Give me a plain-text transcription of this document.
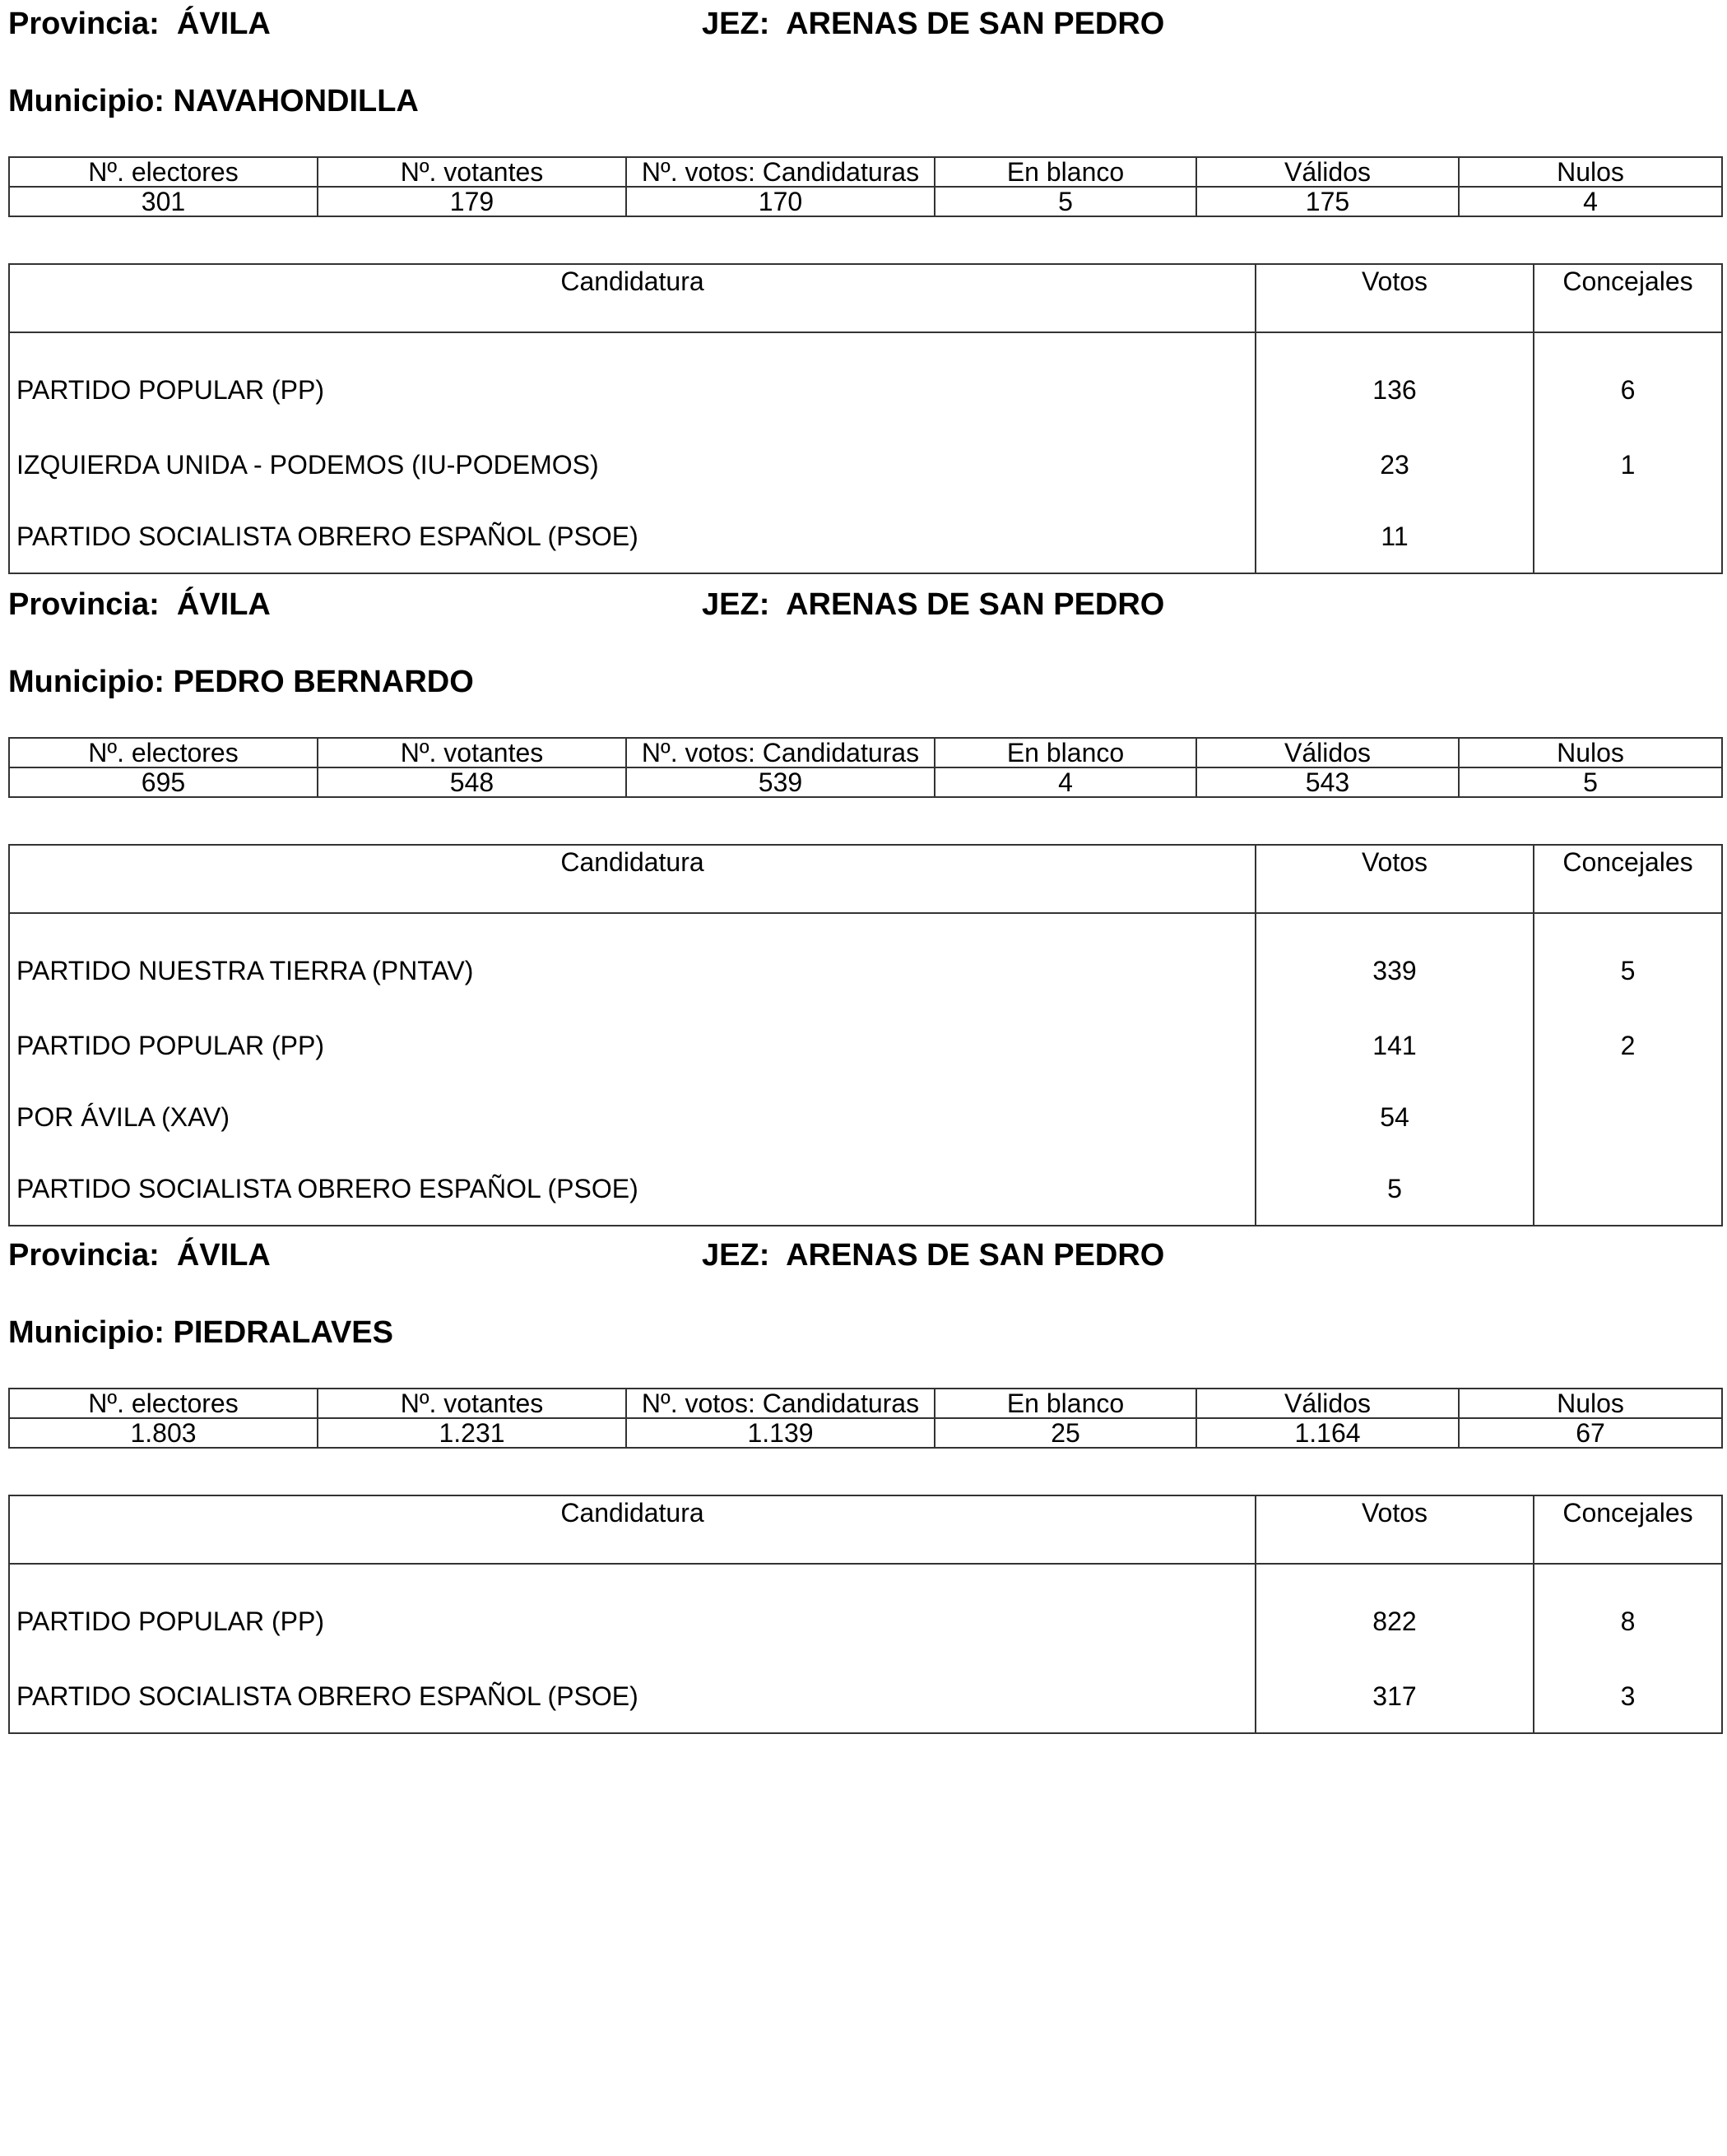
Provincia: ÁVILA	JEZ: ARENAS DE SAN PEDRO
Municipio: NAVAHONDILLA
Nº. electores	Nº. votantes	Nº. votos: Candidaturas	En blanco	Válidos	Nulos
301	179	170	5	175	4
Candidatura	Votos	Concejales
PARTIDO POPULAR (PP)	136	6
IZQUIERDA UNIDA - PODEMOS (IU-PODEMOS)	23	1
PARTIDO SOCIALISTA OBRERO ESPAÑOL (PSOE)	11	
Provincia: ÁVILA	JEZ: ARENAS DE SAN PEDRO
Municipio: PEDRO BERNARDO
Nº. electores	Nº. votantes	Nº. votos: Candidaturas	En blanco	Válidos	Nulos
695	548	539	4	543	5
Candidatura	Votos	Concejales
PARTIDO NUESTRA TIERRA (PNTAV)	339	5
PARTIDO POPULAR (PP)	141	2
POR ÁVILA (XAV)	54	
PARTIDO SOCIALISTA OBRERO ESPAÑOL (PSOE)	5	
Provincia: ÁVILA	JEZ: ARENAS DE SAN PEDRO
Municipio: PIEDRALAVES
Nº. electores	Nº. votantes	Nº. votos: Candidaturas	En blanco	Válidos	Nulos
1.803	1.231	1.139	25	1.164	67
Candidatura	Votos	Concejales
PARTIDO POPULAR (PP)	822	8
PARTIDO SOCIALISTA OBRERO ESPAÑOL (PSOE)	317	3
